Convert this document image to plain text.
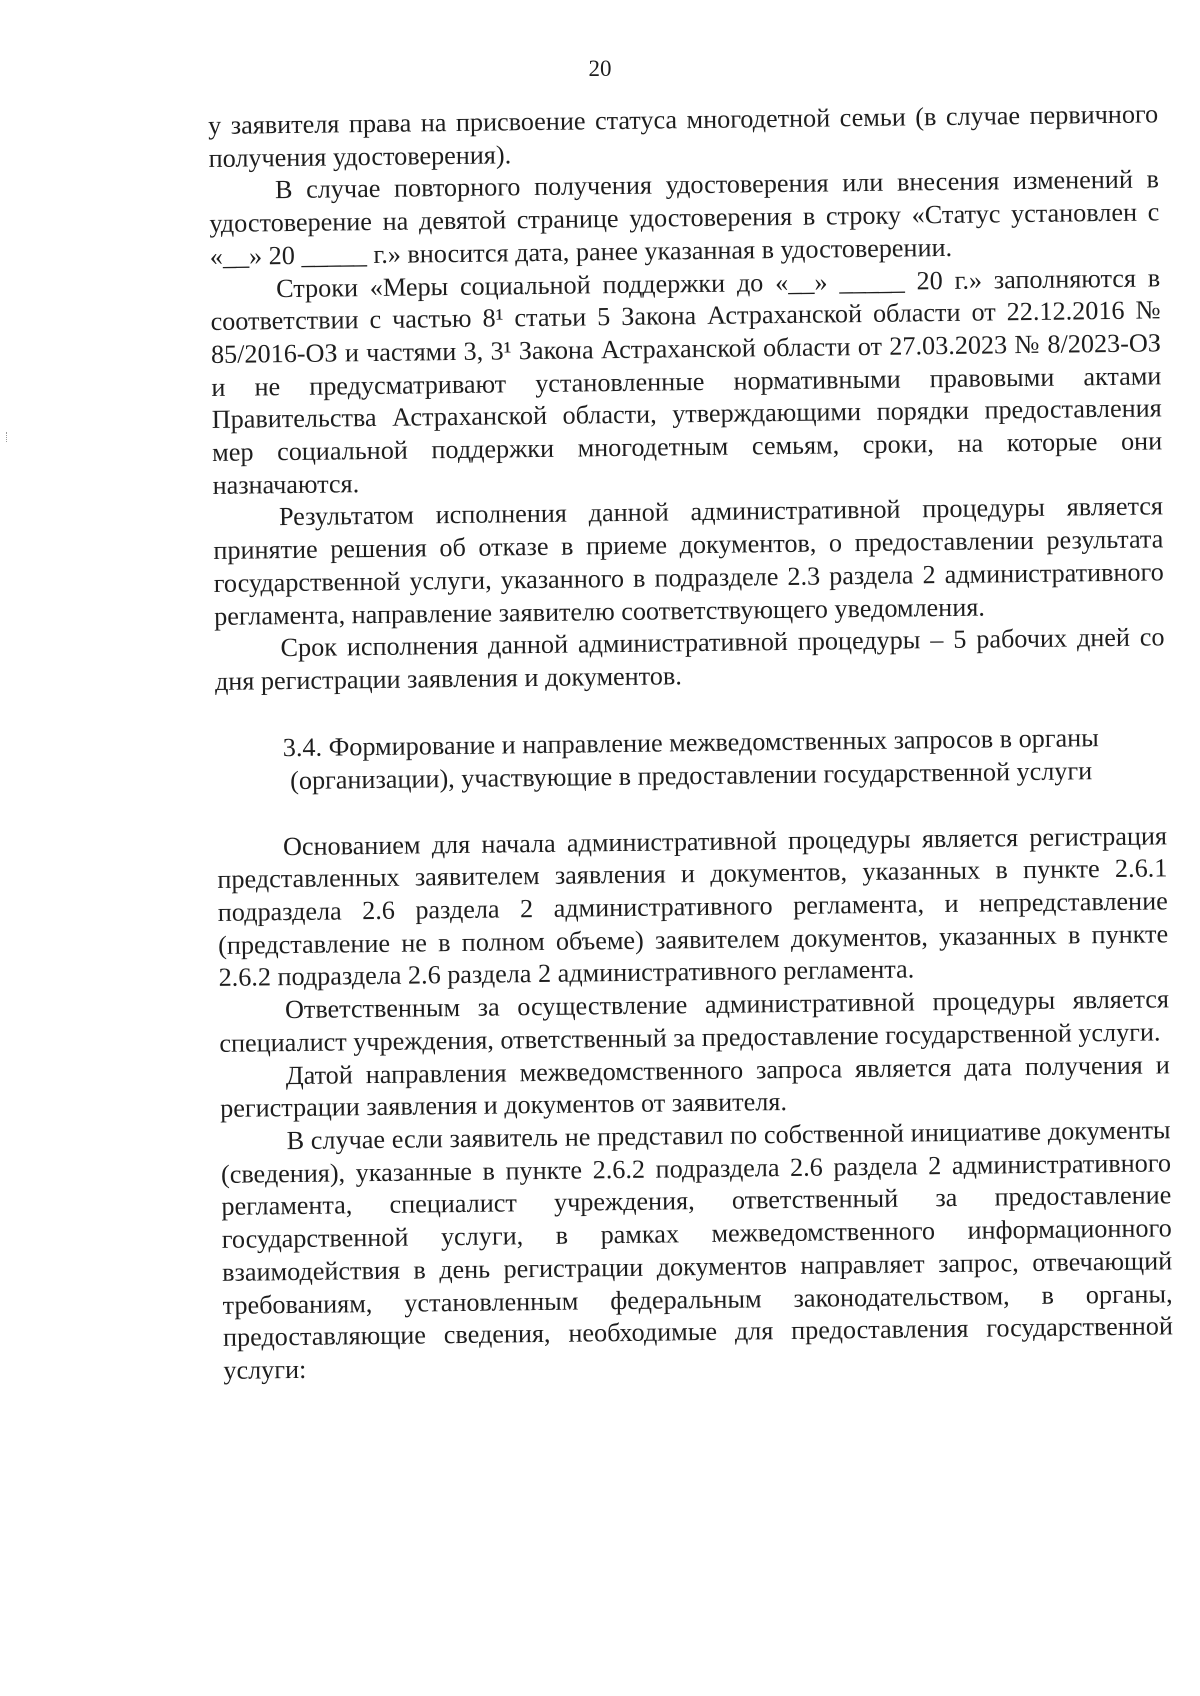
20

у заявителя права на присвоение статуса многодетной семьи (в случае первичного получения удостоверения).

В случае повторного получения удостоверения или внесения изменений в удостоверение на девятой странице удостоверения в строку «Статус установлен с «__» 20 _____ г.» вносится дата, ранее указанная в удостоверении.

Строки «Меры социальной поддержки до «__» _____ 20 г.» заполняются в соответствии с частью 8¹ статьи 5 Закона Астраханской области от 22.12.2016 № 85/2016-ОЗ и частями 3, 3¹ Закона Астраханской области от 27.03.2023 № 8/2023-ОЗ и не предусматривают установленные нормативными правовыми актами Правительства Астраханской области, утверждающими порядки предоставления мер социальной поддержки многодетным семьям, сроки, на которые они назначаются.

Результатом исполнения данной административной процедуры является принятие решения об отказе в приеме документов, о предоставлении результата государственной услуги, указанного в подразделе 2.3 раздела 2 административного регламента, направление заявителю соответствующего уведомления.

Срок исполнения данной административной процедуры – 5 рабочих дней со дня регистрации заявления и документов.

3.4. Формирование и направление межведомственных запросов в органы (организации), участвующие в предоставлении государственной услуги

Основанием для начала административной процедуры является регистрация представленных заявителем заявления и документов, указанных в пункте 2.6.1 подраздела 2.6 раздела 2 административного регламента, и непредставление (представление не в полном объеме) заявителем документов, указанных в пункте 2.6.2 подраздела 2.6 раздела 2 административного регламента.

Ответственным за осуществление административной процедуры является специалист учреждения, ответственный за предоставление государственной услуги.

Датой направления межведомственного запроса является дата получения и регистрации заявления и документов от заявителя.

В случае если заявитель не представил по собственной инициативе документы (сведения), указанные в пункте 2.6.2 подраздела 2.6 раздела 2 административного регламента, специалист учреждения, ответственный за предоставление государственной услуги, в рамках межведомственного информационного взаимодействия в день регистрации документов направляет запрос, отвечающий требованиям, установленным федеральным законодательством, в органы, предоставляющие сведения, необходимые для предоставления государственной услуги:
